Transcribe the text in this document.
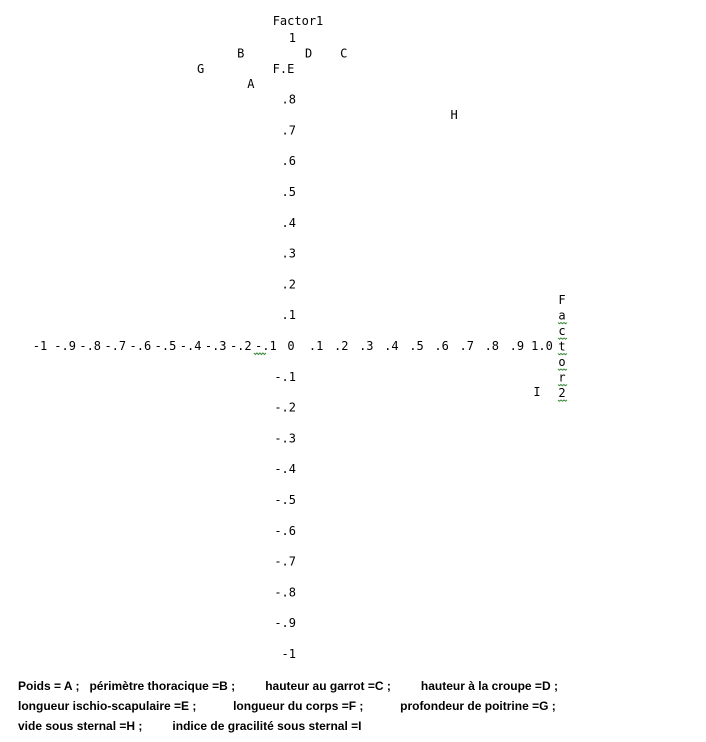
Factor1
1
.8
.7
.6
.5
.4
.3
.2
.1
-.1
-.2
-.3
-.4
-.5
-.6
-.7
-.8
-.9
-1
-1 -.9 -.8 -.7 -.6 -.5 -.4 -.3 -.2 -.1 0 .1 .2 .3 .4 .5 .6 .7 .8 .9 1.0
F
a
c
t
o
r
2
B	D C
G	F.E
A
H
I
Poids = A ; périmètre thoracique =B ;	hauteur au garrot =C ;	hauteur à la croupe =D ;
longueur ischio-scapulaire =E ;	longueur du corps =F ;	profondeur de poitrine =G ;             vide sous sternal =H ;	indice de gracilité sous sternal =I
